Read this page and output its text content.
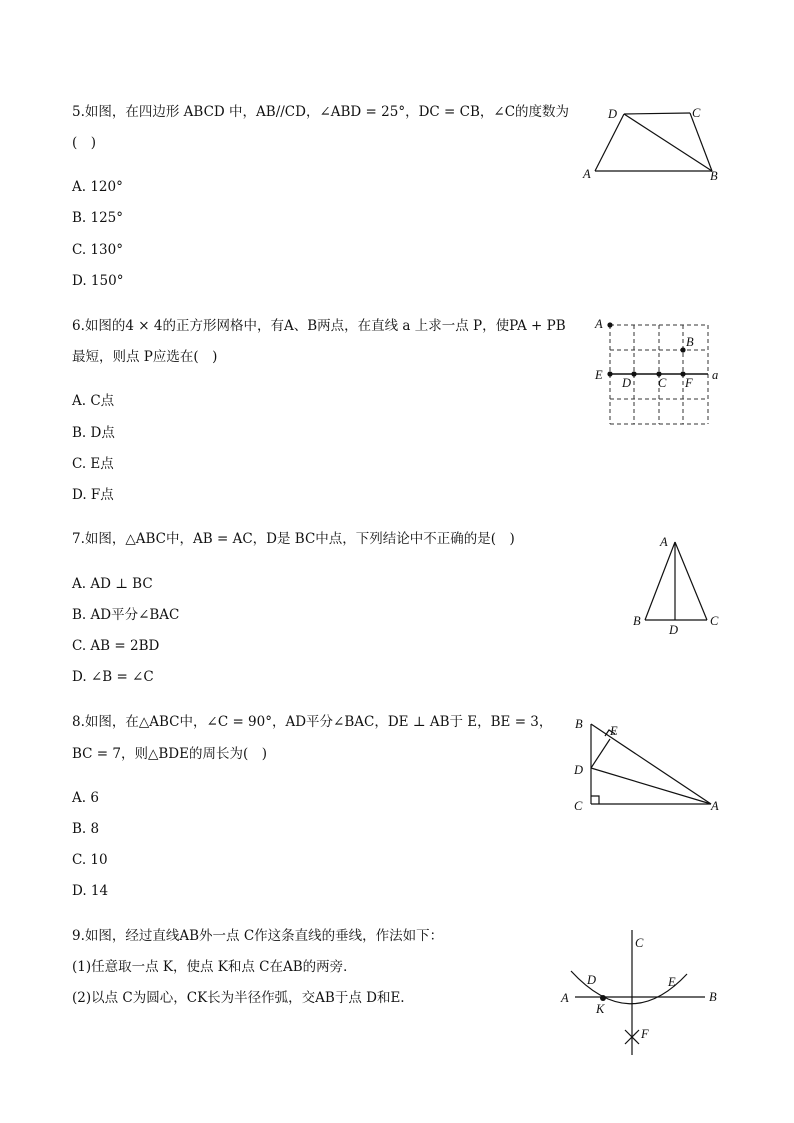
5.如图，在四边形 ABCD 中，AB//CD，∠ABD = 25°，DC = CB，∠C的度数为
(　)
A. 120°
B. 125°
C. 130°
D. 150°
D	C
A	B
6.如图的4 × 4的正方形网格中，有A、B两点，在直线 a 上求一点 P，使PA + PB
最短，则点 P应选在(　)
A. C点
B. D点
C. E点
D. F点
A
B
E
D C F
a
7.如图，△ABC中，AB = AC，D是 BC中点，下列结论中不正确的是(　)
A. AD ⊥ BC
B. AD平分∠BAC
C. AB = 2BD
D. ∠B = ∠C
A
B
D
C
8.如图，在△ABC中，∠C = 90°，AD平分∠BAC，DE ⊥ AB于 E，BE = 3，
BC = 7，则△BDE的周长为(　)
A. 6
B. 8
C. 10
D. 14
B E
D
C	A
9.如图，经过直线AB外一点 C作这条直线的垂线，作法如下：
(1)任意取一点 K，使点 K和点 C在AB的两旁．
(2)以点 C为圆心，CK长为半径作弧，交AB于点 D和E.
C
D	E
A	B
K
F
